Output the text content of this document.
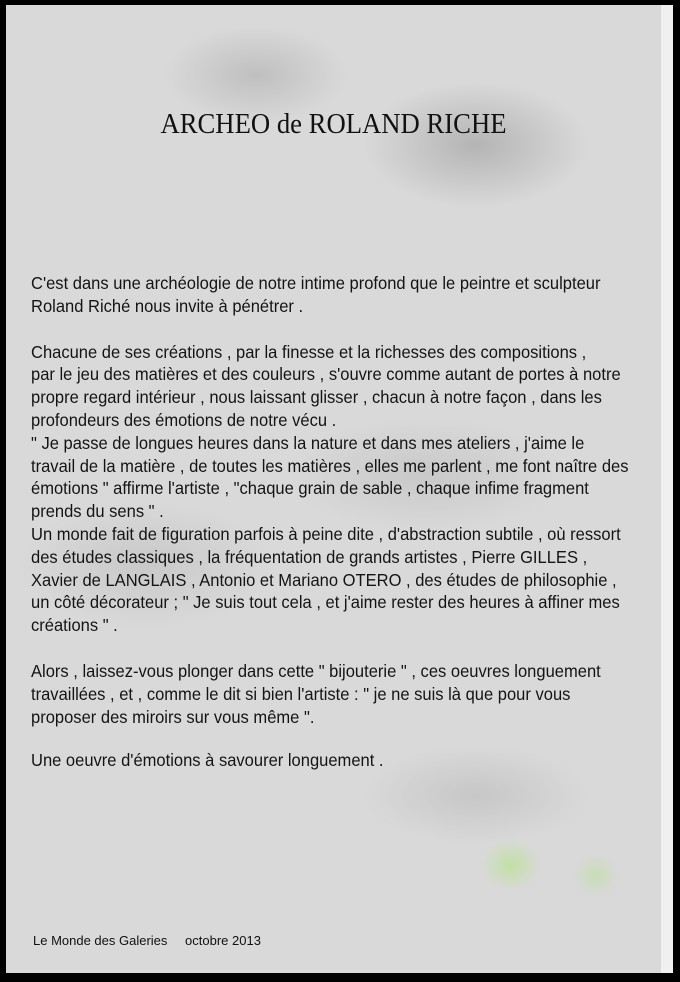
ARCHEO de ROLAND RICHE
C'est dans une archéologie de notre intime profond que le peintre et sculpteur
Roland Riché nous invite à pénétrer .
Chacune de ses créations , par la finesse et la richesses des compositions ,
par le jeu des matières et des couleurs , s'ouvre comme autant de portes à notre
propre regard intérieur , nous laissant glisser , chacun à notre façon , dans les
profondeurs des émotions de notre vécu .
" Je passe de longues heures dans la nature et dans mes ateliers , j'aime le
travail de la matière , de toutes les matières , elles me parlent , me font naître des
émotions " affirme l'artiste , "chaque grain de sable , chaque infime fragment
prends du sens " .
Un monde fait de figuration parfois à peine dite , d'abstraction subtile , où ressort
des études classiques , la fréquentation de grands artistes , Pierre GILLES ,
Xavier de LANGLAIS , Antonio et Mariano OTERO , des études de philosophie ,
un côté décorateur ; " Je suis tout cela , et j'aime rester des heures à affiner mes
créations " .
Alors , laissez-vous plonger dans cette " bijouterie " , ces oeuvres longuement
travaillées , et , comme le dit si bien l'artiste : " je ne suis là que pour vous
proposer des miroirs sur vous même ".
Une oeuvre d'émotions à savourer longuement .
Le Monde des Galeries octobre 2013
